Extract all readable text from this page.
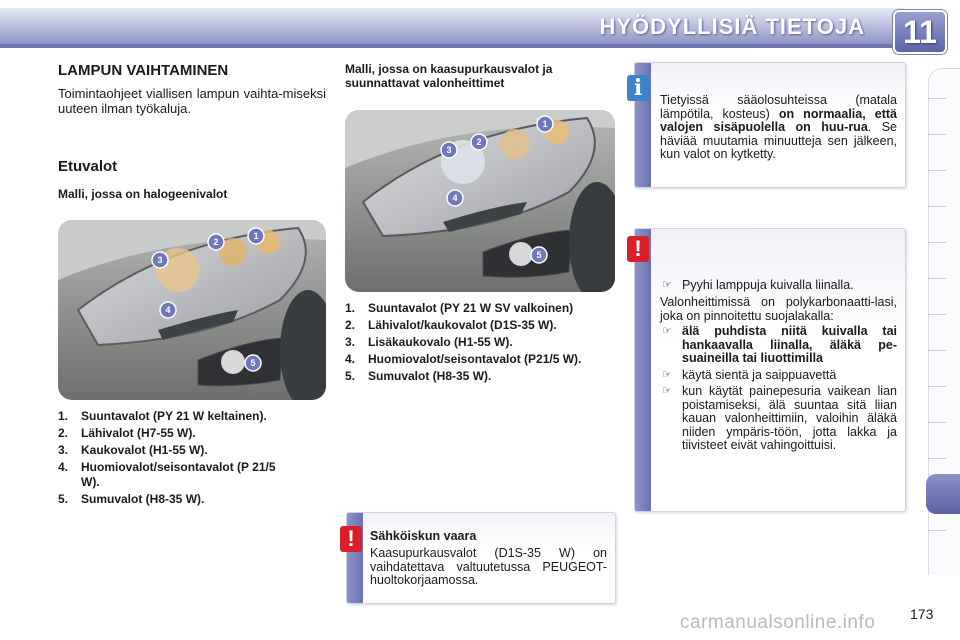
HYÖDYLLISIÄ TIETOJA 11
LAMPUN VAIHTAMINEN
Toimintaohjeet viallisen lampun vaihta-miseksi uuteen ilman työkaluja.
Etuvalot
Malli, jossa on halogeenivalot
1
2
3
4
5
1. Suuntavalot (PY 21 W keltainen).
2. Lähivalot (H7-55 W).
3. Kaukovalot (H1-55 W).
4. Huomiovalot/seisontavalot (P 21/5 W).
5. Sumuvalot (H8-35 W).
Malli, jossa on kaasupurkausvalot ja suunnattavat valonheittimet
1
2
3
4
5
1. Suuntavalot (PY 21 W SV valkoinen)
2. Lähivalot/kaukovalot (D1S-35 W).
3. Lisäkaukovalo (H1-55 W).
4. Huomiovalot/seisontavalot (P21/5 W).
5. Sumuvalot (H8-35 W).
i	Tietyissä sääolosuhteissa (matala lämpötila, kosteus) on normaalia, että valojen sisäpuolella on huu-rua. Se häviää muutamia minuutteja sen jälkeen, kun valot on kytketty.
!
☞ Pyyhi lamppuja kuivalla liinalla.
Valonheittimissä on polykarbonaatti-lasi, joka on pinnoitettu suojalakalla:
☞ älä puhdista niitä kuivalla tai hankaavalla liinalla, äläkä pe-suaineilla tai liuottimilla
☞ käytä sientä ja saippuavettä
☞ kun käytät painepesuria vaikean lian poistamiseksi, älä suuntaa sitä liian kauan valonheittimiin, valoihin äläkä niiden ympäris-töön, jotta lakka ja tiivisteet eivät vahingoittuisi.
!	Sähköiskun vaara
Kaasupurkausvalot (D1S-35 W) on vaihdatettava valtuutetussa PEUGEOT-huoltokorjaamossa.
carmanualsonline.info 173
